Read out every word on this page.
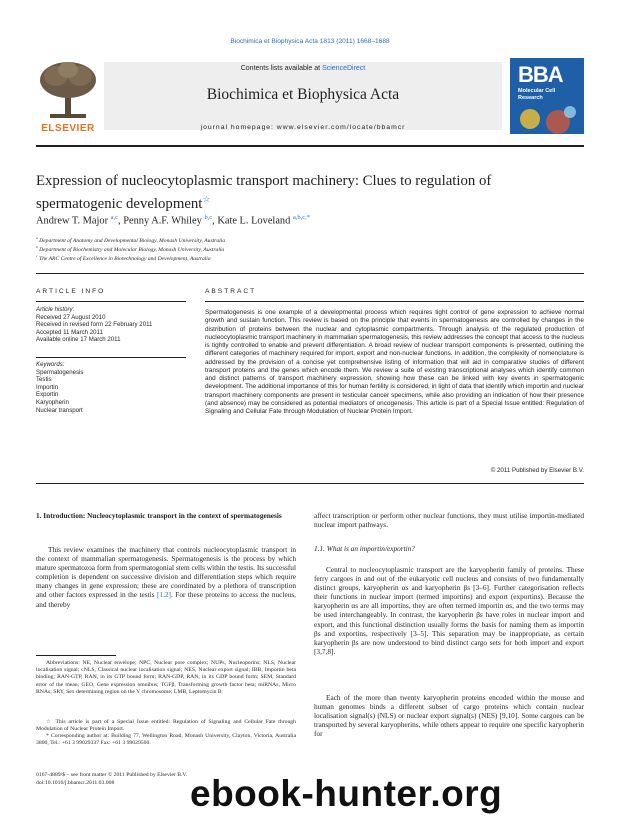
Biochimica et Biophysica Acta 1813 (2011) 1668–1688
ELSEVIER
Contents lists available at ScienceDirect
Biochimica et Biophysica Acta
journal homepage: www.elsevier.com/locate/bbamcr
BBA
Molecular Cell Research
Expression of nucleocytoplasmic transport machinery: Clues to regulation of spermatogenic development☆
Andrew T. Major $^{a,c}$, Penny A.F. Whiley $^{b,c}$, Kate L. Loveland $^{a,b,c,*}$
$^a$ Department of Anatomy and Developmental Biology, Monash University, Australia
$^b$ Department of Biochemistry and Molecular Biology, Monash University, Australia
$^c$ The ARC Centre of Excellence in Biotechnology and Development, Australia
ARTICLE INFO
Article history:
Received 27 August 2010
Received in revised form 22 February 2011
Accepted 11 March 2011
Available online 17 March 2011
Keywords:
Spermatogenesis
Testis
Importin
Exportin
Karyopherin
Nuclear transport
ABSTRACT
Spermatogenesis is one example of a developmental process which requires tight control of gene expression to achieve normal growth and sustain function. This review is based on the principle that events in spermatogenesis are controlled by changes in the distribution of proteins between the nuclear and cytoplasmic compartments. Through analysis of the regulated production of nucleocytoplasmic transport machinery in mammalian spermatogenesis, this review addresses the concept that access to the nucleus is tightly controlled to enable and prevent differentiation. A broad review of nuclear transport components is presented, outlining the different categories of machinery required for import, export and non-nuclear functions. In addition, the complexity of nomenclature is addressed by the provision of a concise yet comprehensive listing of information that will aid in comparative studies of different transport proteins and the genes which encode them. We review a suite of existing transcriptional analyses which identify common and distinct patterns of transport machinery expression, showing how these can be linked with key events in spermatogenic development. The additional importance of this for human fertility is considered, in light of data that identify which importin and nuclear transport machinery components are present in testicular cancer specimens, while also providing an indication of how their presence (and absence) may be considered as potential mediators of oncogenesis. This article is part of a Special Issue entitled: Regulation of Signaling and Cellular Fate through Modulation of Nuclear Protein Import.
© 2011 Published by Elsevier B.V.
1. Introduction: Nucleocytoplasmic transport in the context of spermatogenesis
This review examines the machinery that controls nucleocytoplasmic transport in the context of mammalian spermatogenesis. Spermatogenesis is the process by which mature spermatozoa form from spermatogonial stem cells within the testis. Its successful completion is dependent on successive division and differentiation steps which require many changes in gene expression; these are coordinated by a plethora of transcription and other factors expressed in the testis [1,2]. For these proteins to access the nucleus, and thereby
Abbreviations: NE, Nuclear envelope; NPC, Nuclear pore complex; NUPs, Nucleoporins; NLS, Nuclear localisation signal; cNLS, Classical nuclear localisation signal; NES, Nuclear export signal; IBB, Importin beta binding; RAN-GTP, RAN, in its GTP bound form; RAN-GDP, RAN, in its GDP bound form; SEM, Standard error of the mean; GEO, Gene expression omnibus; TGFβ, Transforming growth factor beta; miRNAs, Micro RNAs; SRY, Sex determining region on the Y chromosome; LMB, Leptomycin B
☆ This article is part of a Special Issue entitled: Regulation of Signaling and Cellular Fate through Modulation of Nuclear Protein Import.
* Corresponding author at: Building 77, Wellington Road, Monash University, Clayton, Victoria, Australia 3800, Tel.: +61 3 99029337 Fax: +61 3 99029500.
affect transcription or perform other nuclear functions, they must utilise importin-mediated nuclear import pathways.
1.1. What is an importin/exportin?
Central to nucleocytoplasmic transport are the karyopherin family of proteins. These ferry cargoes in and out of the eukaryotic cell nucleus and consists of two fundamentally distinct groups, karyopherin αs and karyopherin βs [3–6]. Further categorisation reflects their functions in nuclear import (termed importins) and export (exportins). Because the karyopherin αs are all importins, they are often termed importin αs, and the two terms may be used interchangeably. In contrast, the karyopherin βs have roles in nuclear import and export, and this functional distinction usually forms the basis for naming them as importin βs and exportins, respectively [3–5]. This separation may be inappropriate, as certain karyopherin βs are now understood to bind distinct cargo sets for both import and export [3,7,8].
Each of the more than twenty karyopherin proteins encoded within the mouse and human genomes binds a different subset of cargo proteins which contain nuclear localisation signal(s) (NLS) or nuclear export signal(s) (NES) [9,10]. Some cargoes can be transported by several karyopherins, while others appear to require one specific karyopherin for
0167-4889/$ – see front matter © 2011 Published by Elsevier B.V.
doi:10.1016/j.bbamcr.2011.03.008	ebook-hunter.org
